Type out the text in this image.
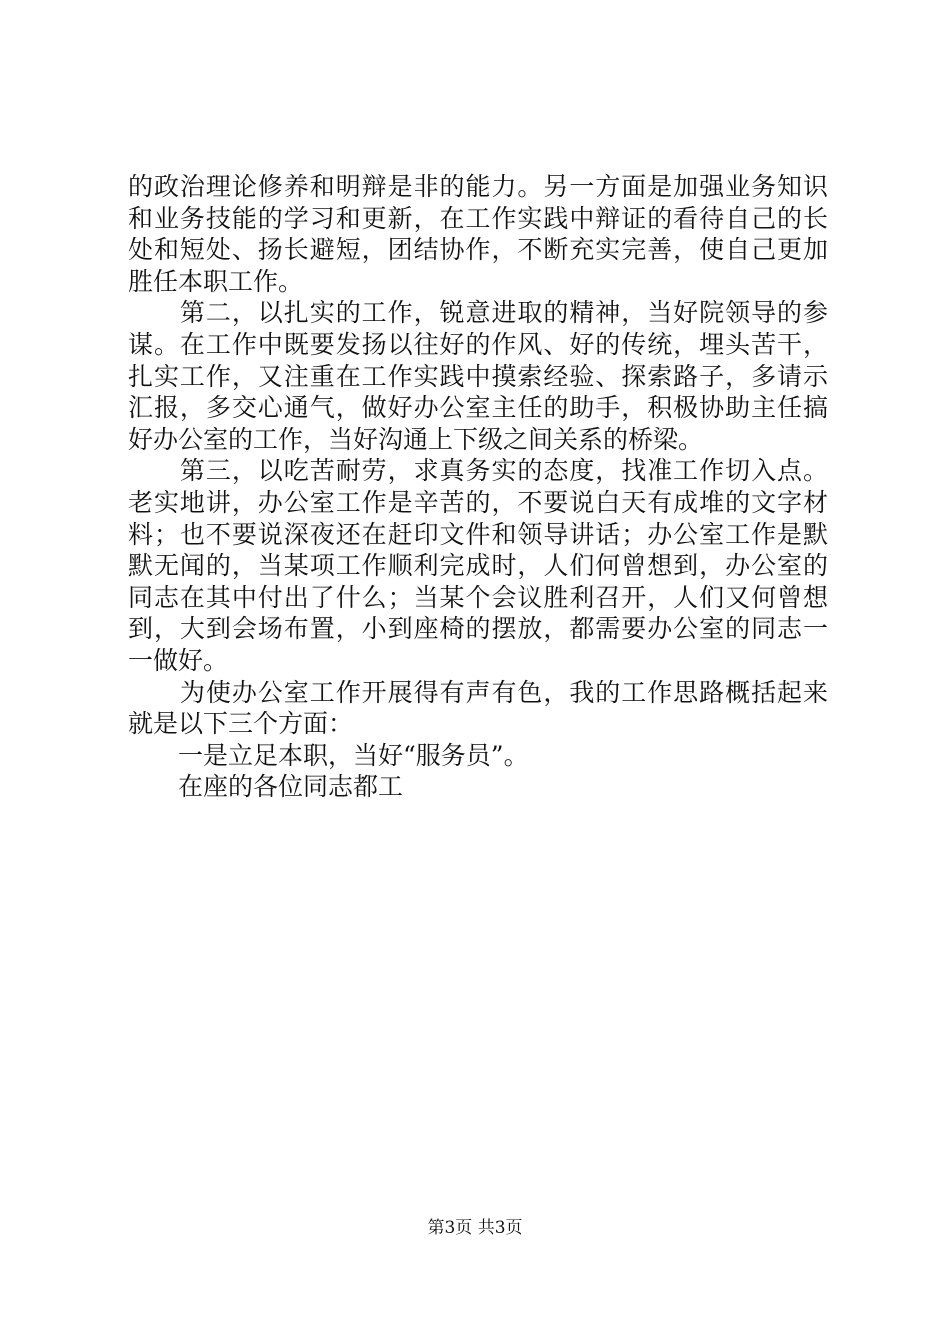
的政治理论修养和明辩是非的能力。另一方面是加强业务知识
和业务技能的学习和更新，在工作实践中辩证的看待自己的长
处和短处、扬长避短，团结协作，不断充实完善，使自己更加
胜任本职工作。
　　第二，以扎实的工作，锐意进取的精神，当好院领导的参
谋。在工作中既要发扬以往好的作风、好的传统，埋头苦干，
扎实工作，又注重在工作实践中摸索经验、探索路子，多请示
汇报，多交心通气，做好办公室主任的助手，积极协助主任搞
好办公室的工作，当好沟通上下级之间关系的桥梁。
　　第三，以吃苦耐劳，求真务实的态度，找准工作切入点。
老实地讲，办公室工作是辛苦的，不要说白天有成堆的文字材
料；也不要说深夜还在赶印文件和领导讲话；办公室工作是默
默无闻的，当某项工作顺利完成时，人们何曾想到，办公室的
同志在其中付出了什么；当某个会议胜利召开，人们又何曾想
到，大到会场布置，小到座椅的摆放，都需要办公室的同志一
一做好。
　　为使办公室工作开展得有声有色，我的工作思路概括起来
就是以下三个方面：
　　一是立足本职，当好“服务员”。
　　在座的各位同志都工
第3页 共3页
